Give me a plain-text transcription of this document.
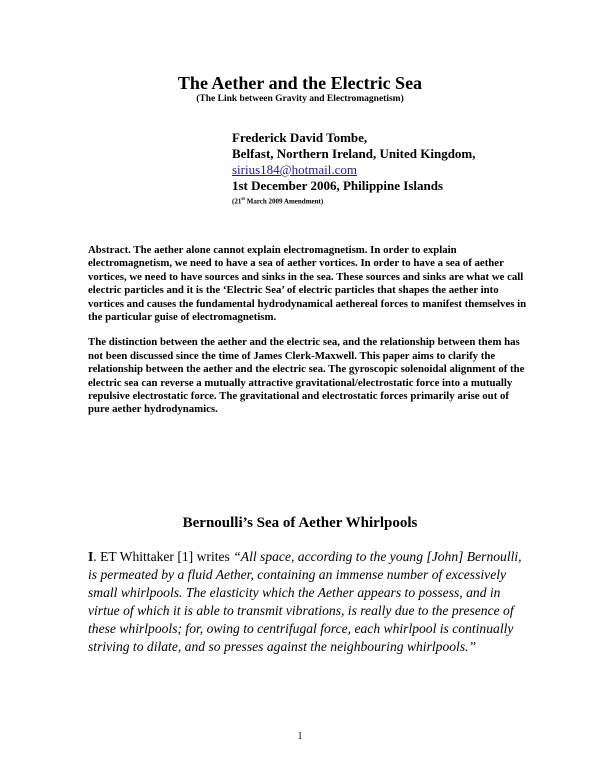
The Aether and the Electric Sea
(The Link between Gravity and Electromagnetism)
Frederick David Tombe,
Belfast, Northern Ireland, United Kingdom,
sirius184@hotmail.com
1st December 2006, Philippine Islands
(21st March 2009 Amendment)

Abstract. The aether alone cannot explain electromagnetism. In order to explain electromagnetism, we need to have a sea of aether vortices. In order to have a sea of aether vortices, we need to have sources and sinks in the sea. These sources and sinks are what we call electric particles and it is the ‘Electric Sea’ of electric particles that shapes the aether into vortices and causes the fundamental hydrodynamical aethereal forces to manifest themselves in the particular guise of electromagnetism.

The distinction between the aether and the electric sea, and the relationship between them has not been discussed since the time of James Clerk-Maxwell. This paper aims to clarify the relationship between the aether and the electric sea. The gyroscopic solenoidal alignment of the electric sea can reverse a mutually attractive gravitational/electrostatic force into a mutually repulsive electrostatic force. The gravitational and electrostatic forces primarily arise out of pure aether hydrodynamics.

Bernoulli’s Sea of Aether Whirlpools
I. ET Whittaker [1] writes “All space, according to the young [John] Bernoulli, is permeated by a fluid Aether, containing an immense number of excessively small whirlpools. The elasticity which the Aether appears to possess, and in virtue of which it is able to transmit vibrations, is really due to the presence of these whirlpools; for, owing to centrifugal force, each whirlpool is continually striving to dilate, and so presses against the neighbouring whirlpools.”
1
